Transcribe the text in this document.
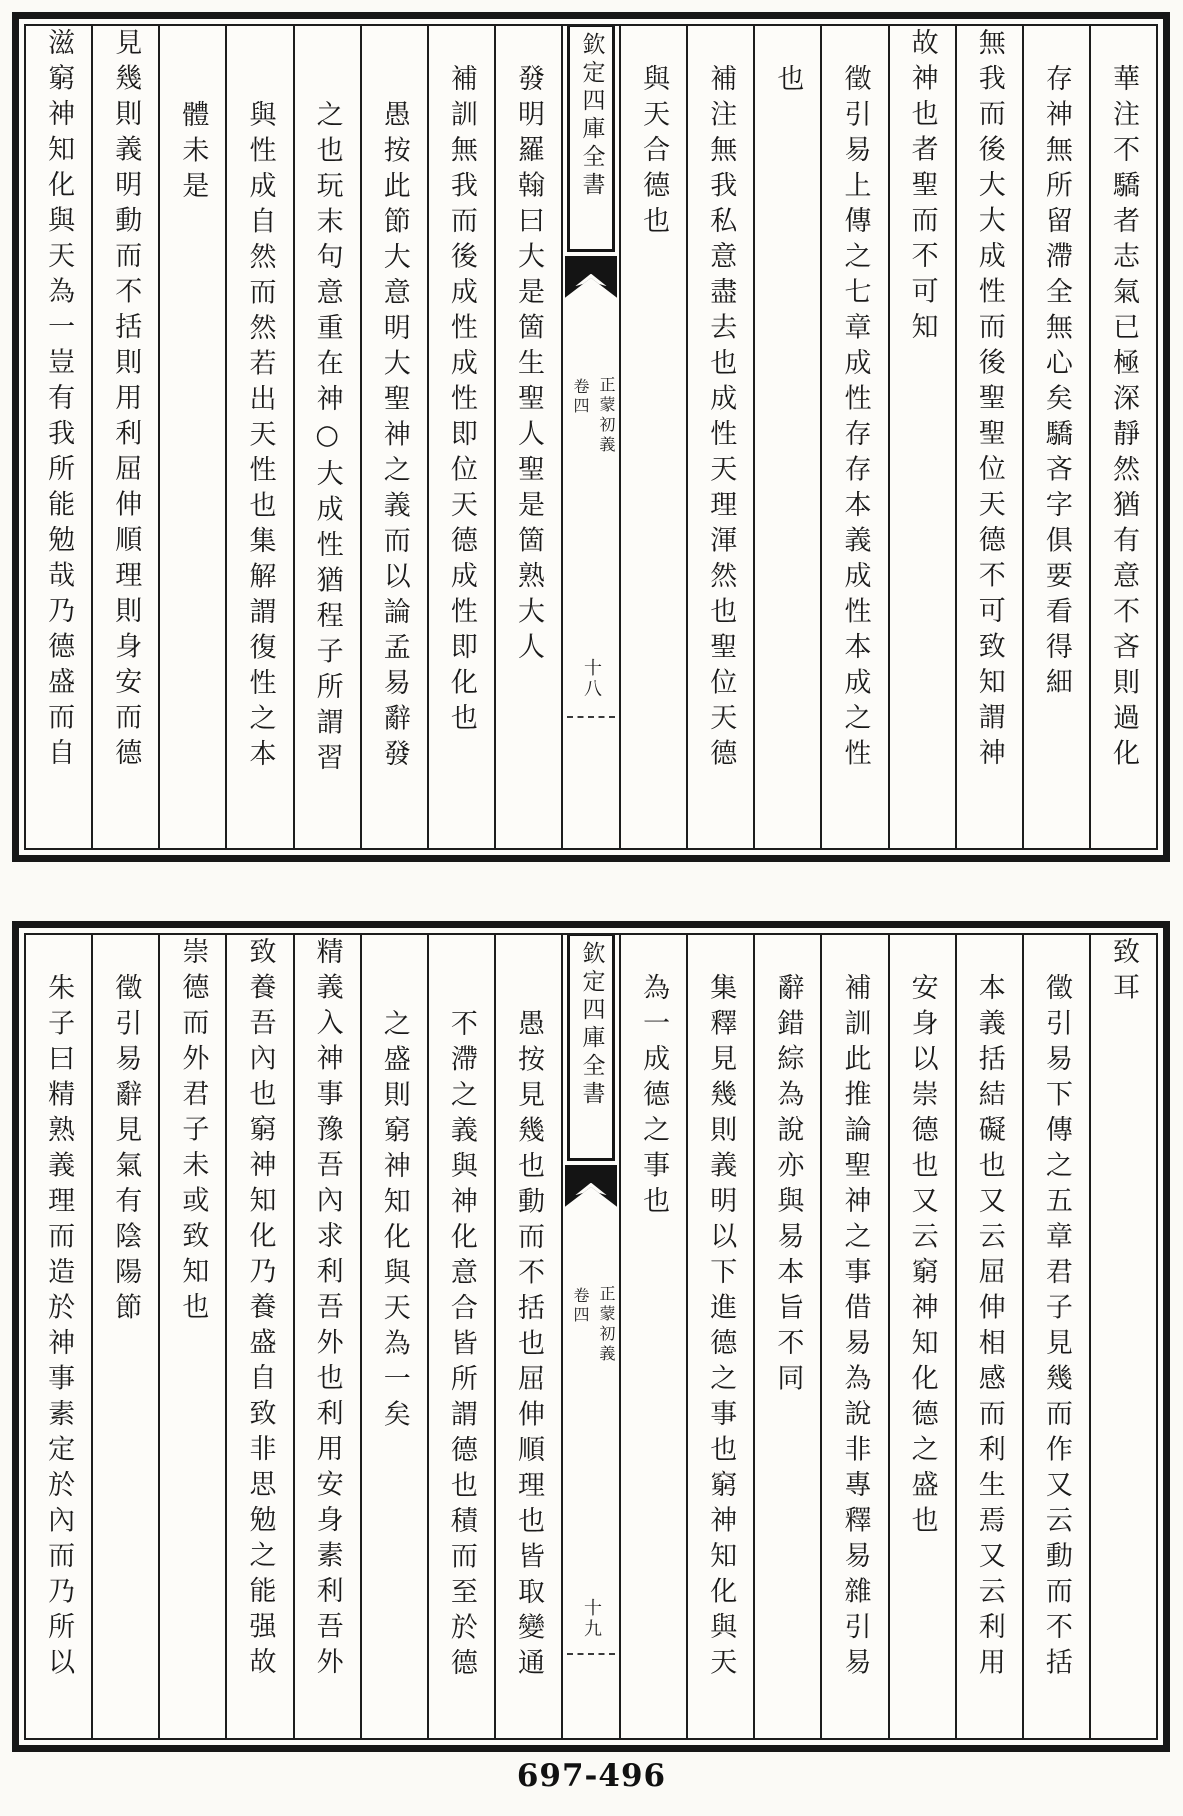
華注不驕者志氣已極深靜然猶有意不吝則過化
存神無所留滯全無心矣驕吝字俱要看得細
無我而後大大成性而後聖聖位天德不可致知謂神
故神也者聖而不可知
徵引易上傳之七章成性存存本義成性本成之性
也
補注無我私意盡去也成性天理渾然也聖位天德
與天合德也
欽定四庫全書
正蒙初義
卷四
十八
發明羅翰曰大是箇生聖人聖是箇熟大人
補訓無我而後成性成性即位天德成性即化也
愚按此節大意明大聖神之義而以論孟易辭發
之也玩末句意重在神○大成性猶程子所謂習
與性成自然而然若出天性也集解謂復性之本
體未是
見幾則義明動而不括則用利屈伸順理則身安而德
滋窮神知化與天為一豈有我所能勉哉乃德盛而自
致耳
徵引易下傳之五章君子見幾而作又云動而不括
本義括結礙也又云屈伸相感而利生焉又云利用
安身以崇德也又云窮神知化德之盛也
補訓此推論聖神之事借易為說非專釋易雜引易
辭錯綜為說亦與易本旨不同
集釋見幾則義明以下進德之事也窮神知化與天
為一成德之事也
欽定四庫全書
正蒙初義
卷四
十九
愚按見幾也動而不括也屈伸順理也皆取變通
不滯之義與神化意合皆所謂德也積而至於德
之盛則窮神知化與天為一矣
精義入神事豫吾內求利吾外也利用安身素利吾外
致養吾內也窮神知化乃養盛自致非思勉之能强故
崇德而外君子未或致知也
徵引易辭見氣有陰陽節
朱子曰精熟義理而造於神事素定於內而乃所以
697-496
